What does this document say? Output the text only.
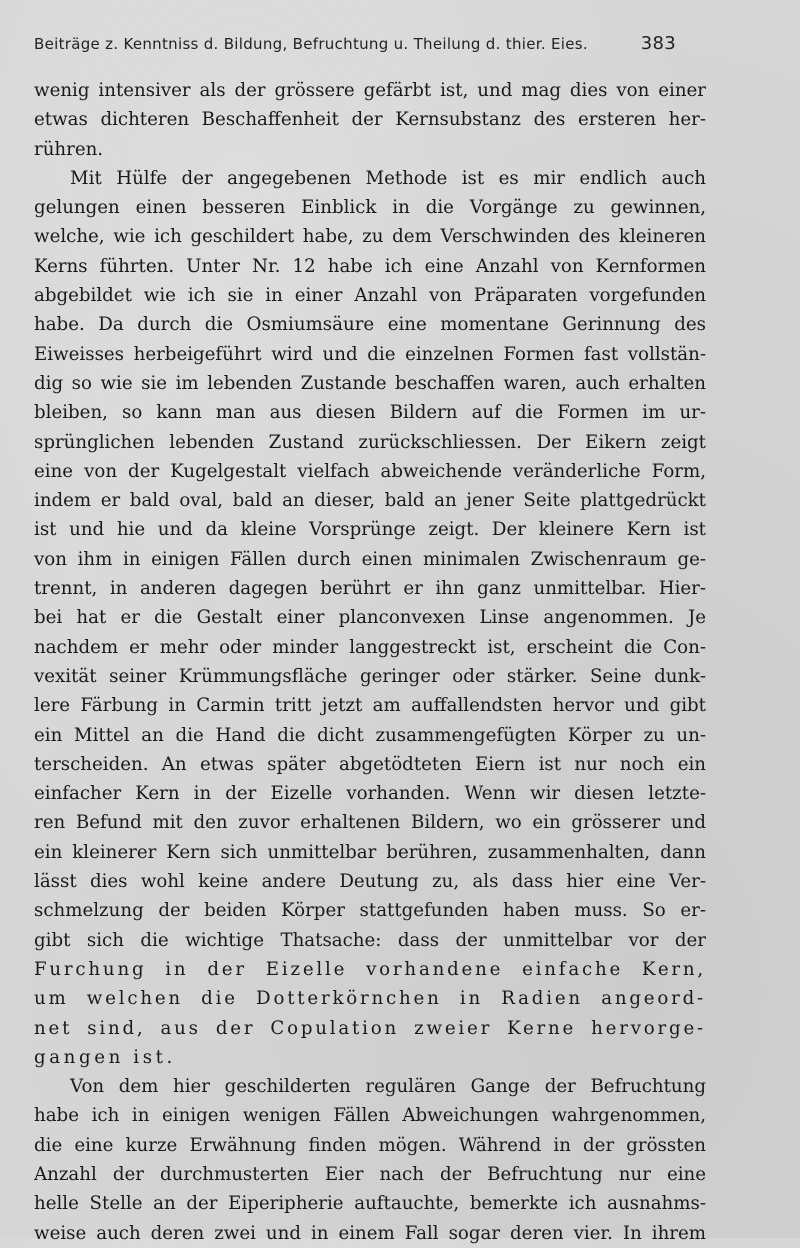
Beiträge z. Kenntniss d. Bildung, Befruchtung u. Theilung d. thier. Eies.	383
wenig intensiver als der grössere gefärbt ist, und mag dies von einer
etwas dichteren Beschaffenheit der Kernsubstanz des ersteren her-
rühren.
Mit Hülfe der angegebenen Methode ist es mir endlich auch
gelungen einen besseren Einblick in die Vorgänge zu gewinnen,
welche, wie ich geschildert habe, zu dem Verschwinden des kleineren
Kerns führten. Unter Nr. 12 habe ich eine Anzahl von Kernformen
abgebildet wie ich sie in einer Anzahl von Präparaten vorgefunden
habe. Da durch die Osmiumsäure eine momentane Gerinnung des
Eiweisses herbeigeführt wird und die einzelnen Formen fast vollstän-
dig so wie sie im lebenden Zustande beschaffen waren, auch erhalten
bleiben, so kann man aus diesen Bildern auf die Formen im ur-
sprünglichen lebenden Zustand zurückschliessen. Der Eikern zeigt
eine von der Kugelgestalt vielfach abweichende veränderliche Form,
indem er bald oval, bald an dieser, bald an jener Seite plattgedrückt
ist und hie und da kleine Vorsprünge zeigt. Der kleinere Kern ist
von ihm in einigen Fällen durch einen minimalen Zwischenraum ge-
trennt, in anderen dagegen berührt er ihn ganz unmittelbar. Hier-
bei hat er die Gestalt einer planconvexen Linse angenommen. Je
nachdem er mehr oder minder langgestreckt ist, erscheint die Con-
vexität seiner Krümmungsfläche geringer oder stärker. Seine dunk-
lere Färbung in Carmin tritt jetzt am auffallendsten hervor und gibt
ein Mittel an die Hand die dicht zusammengefügten Körper zu un-
terscheiden. An etwas später abgetödteten Eiern ist nur noch ein
einfacher Kern in der Eizelle vorhanden. Wenn wir diesen letzte-
ren Befund mit den zuvor erhaltenen Bildern, wo ein grösserer und
ein kleinerer Kern sich unmittelbar berühren, zusammenhalten, dann
lässt dies wohl keine andere Deutung zu, als dass hier eine Ver-
schmelzung der beiden Körper stattgefunden haben muss. So er-
gibt sich die wichtige Thatsache: dass der unmittelbar vor der
Furchung in der Eizelle vorhandene einfache Kern,
um welchen die Dotterkörnchen in Radien angeord-
net sind, aus der Copulation zweier Kerne hervorge-
gangen ist.
Von dem hier geschilderten regulären Gange der Befruchtung
habe ich in einigen wenigen Fällen Abweichungen wahrgenommen,
die eine kurze Erwähnung finden mögen. Während in der grössten
Anzahl der durchmusterten Eier nach der Befruchtung nur eine
helle Stelle an der Eiperipherie auftauchte, bemerkte ich ausnahms-
weise auch deren zwei und in einem Fall sogar deren vier. In ihrem
